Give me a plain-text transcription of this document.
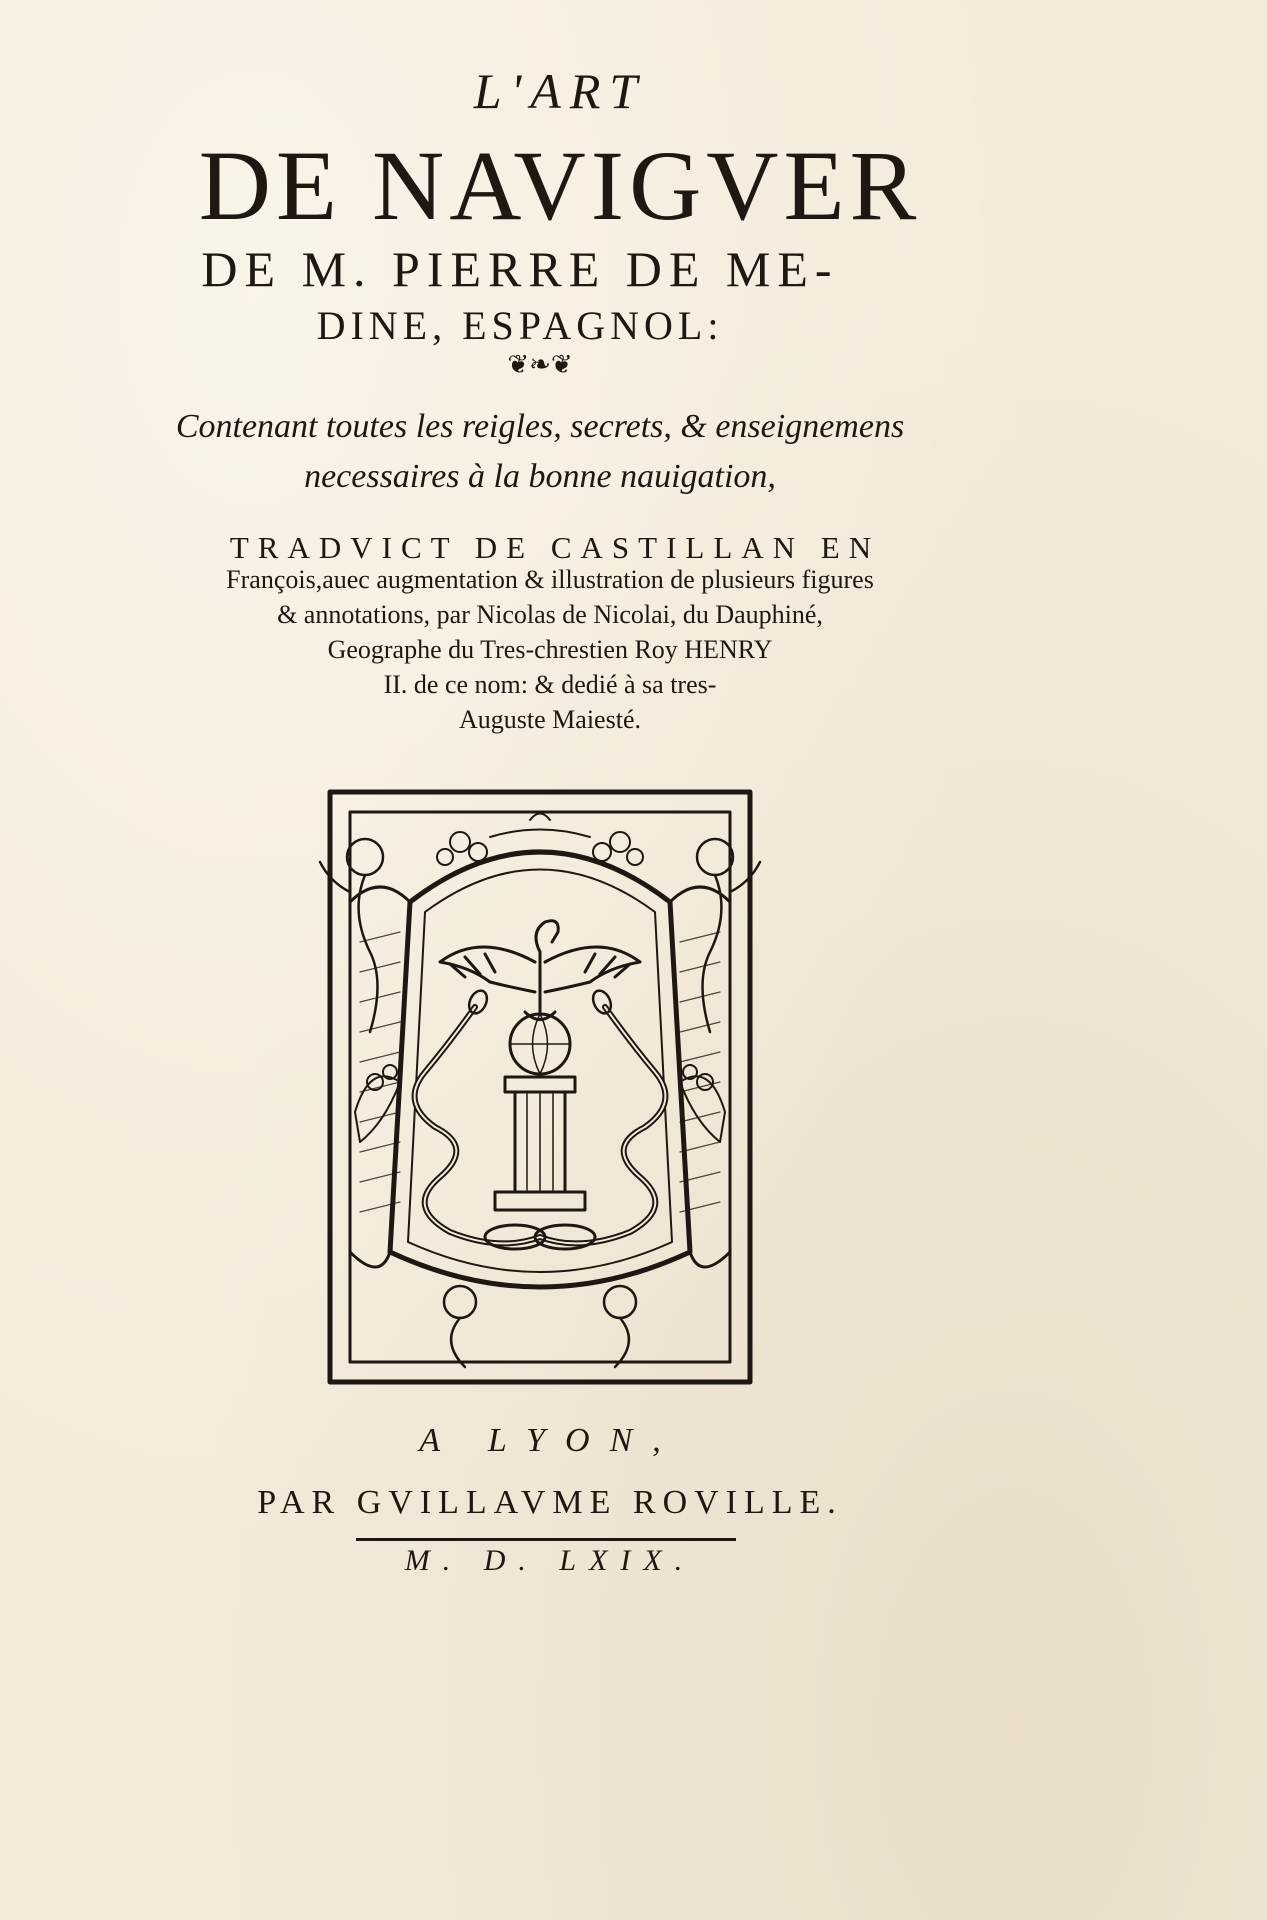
L'ART
DE NAVIGVER
DE M. PIERRE DE ME-
DINE, ESPAGNOL:
❦❧❦
Contenant toutes les reigles, secrets, & enseignemens
necessaires à la bonne nauigation,
TRADVICT DE CASTILLAN EN
François,auec augmentation & illustration de plusieurs figures
& annotations, par Nicolas de Nicolai, du Dauphiné,
Geographe du Tres-chrestien Roy HENRY
II. de ce nom: & dedié à sa tres-
Auguste Maiesté.
A LYON,
PAR GVILLAVME ROVILLE.
M. D. LXIX.
